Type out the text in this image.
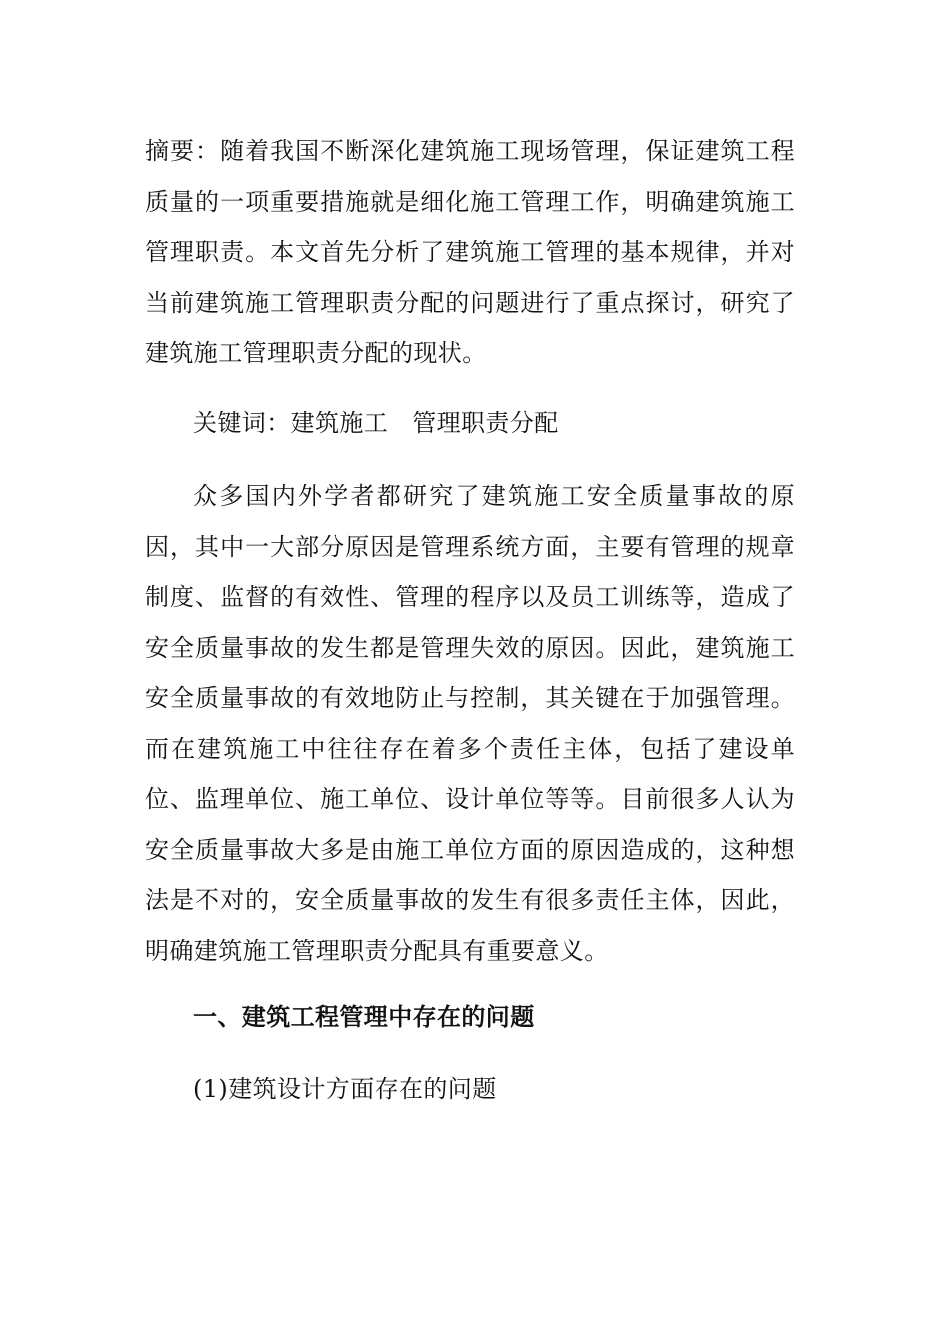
摘要：随着我国不断深化建筑施工现场管理，保证建筑工程质量的一项重要措施就是细化施工管理工作，明确建筑施工管理职责。本文首先分析了建筑施工管理的基本规律，并对当前建筑施工管理职责分配的问题进行了重点探讨，研究了建筑施工管理职责分配的现状。

关键词：建筑施工 管理职责分配

众多国内外学者都研究了建筑施工安全质量事故的原因，其中一大部分原因是管理系统方面，主要有管理的规章制度、监督的有效性、管理的程序以及员工训练等，造成了安全质量事故的发生都是管理失效的原因。因此，建筑施工安全质量事故的有效地防止与控制，其关键在于加强管理。而在建筑施工中往往存在着多个责任主体，包括了建设单位、监理单位、施工单位、设计单位等等。目前很多人认为安全质量事故大多是由施工单位方面的原因造成的，这种想法是不对的，安全质量事故的发生有很多责任主体，因此，明确建筑施工管理职责分配具有重要意义。

一、建筑工程管理中存在的问题

(1)建筑设计方面存在的问题
